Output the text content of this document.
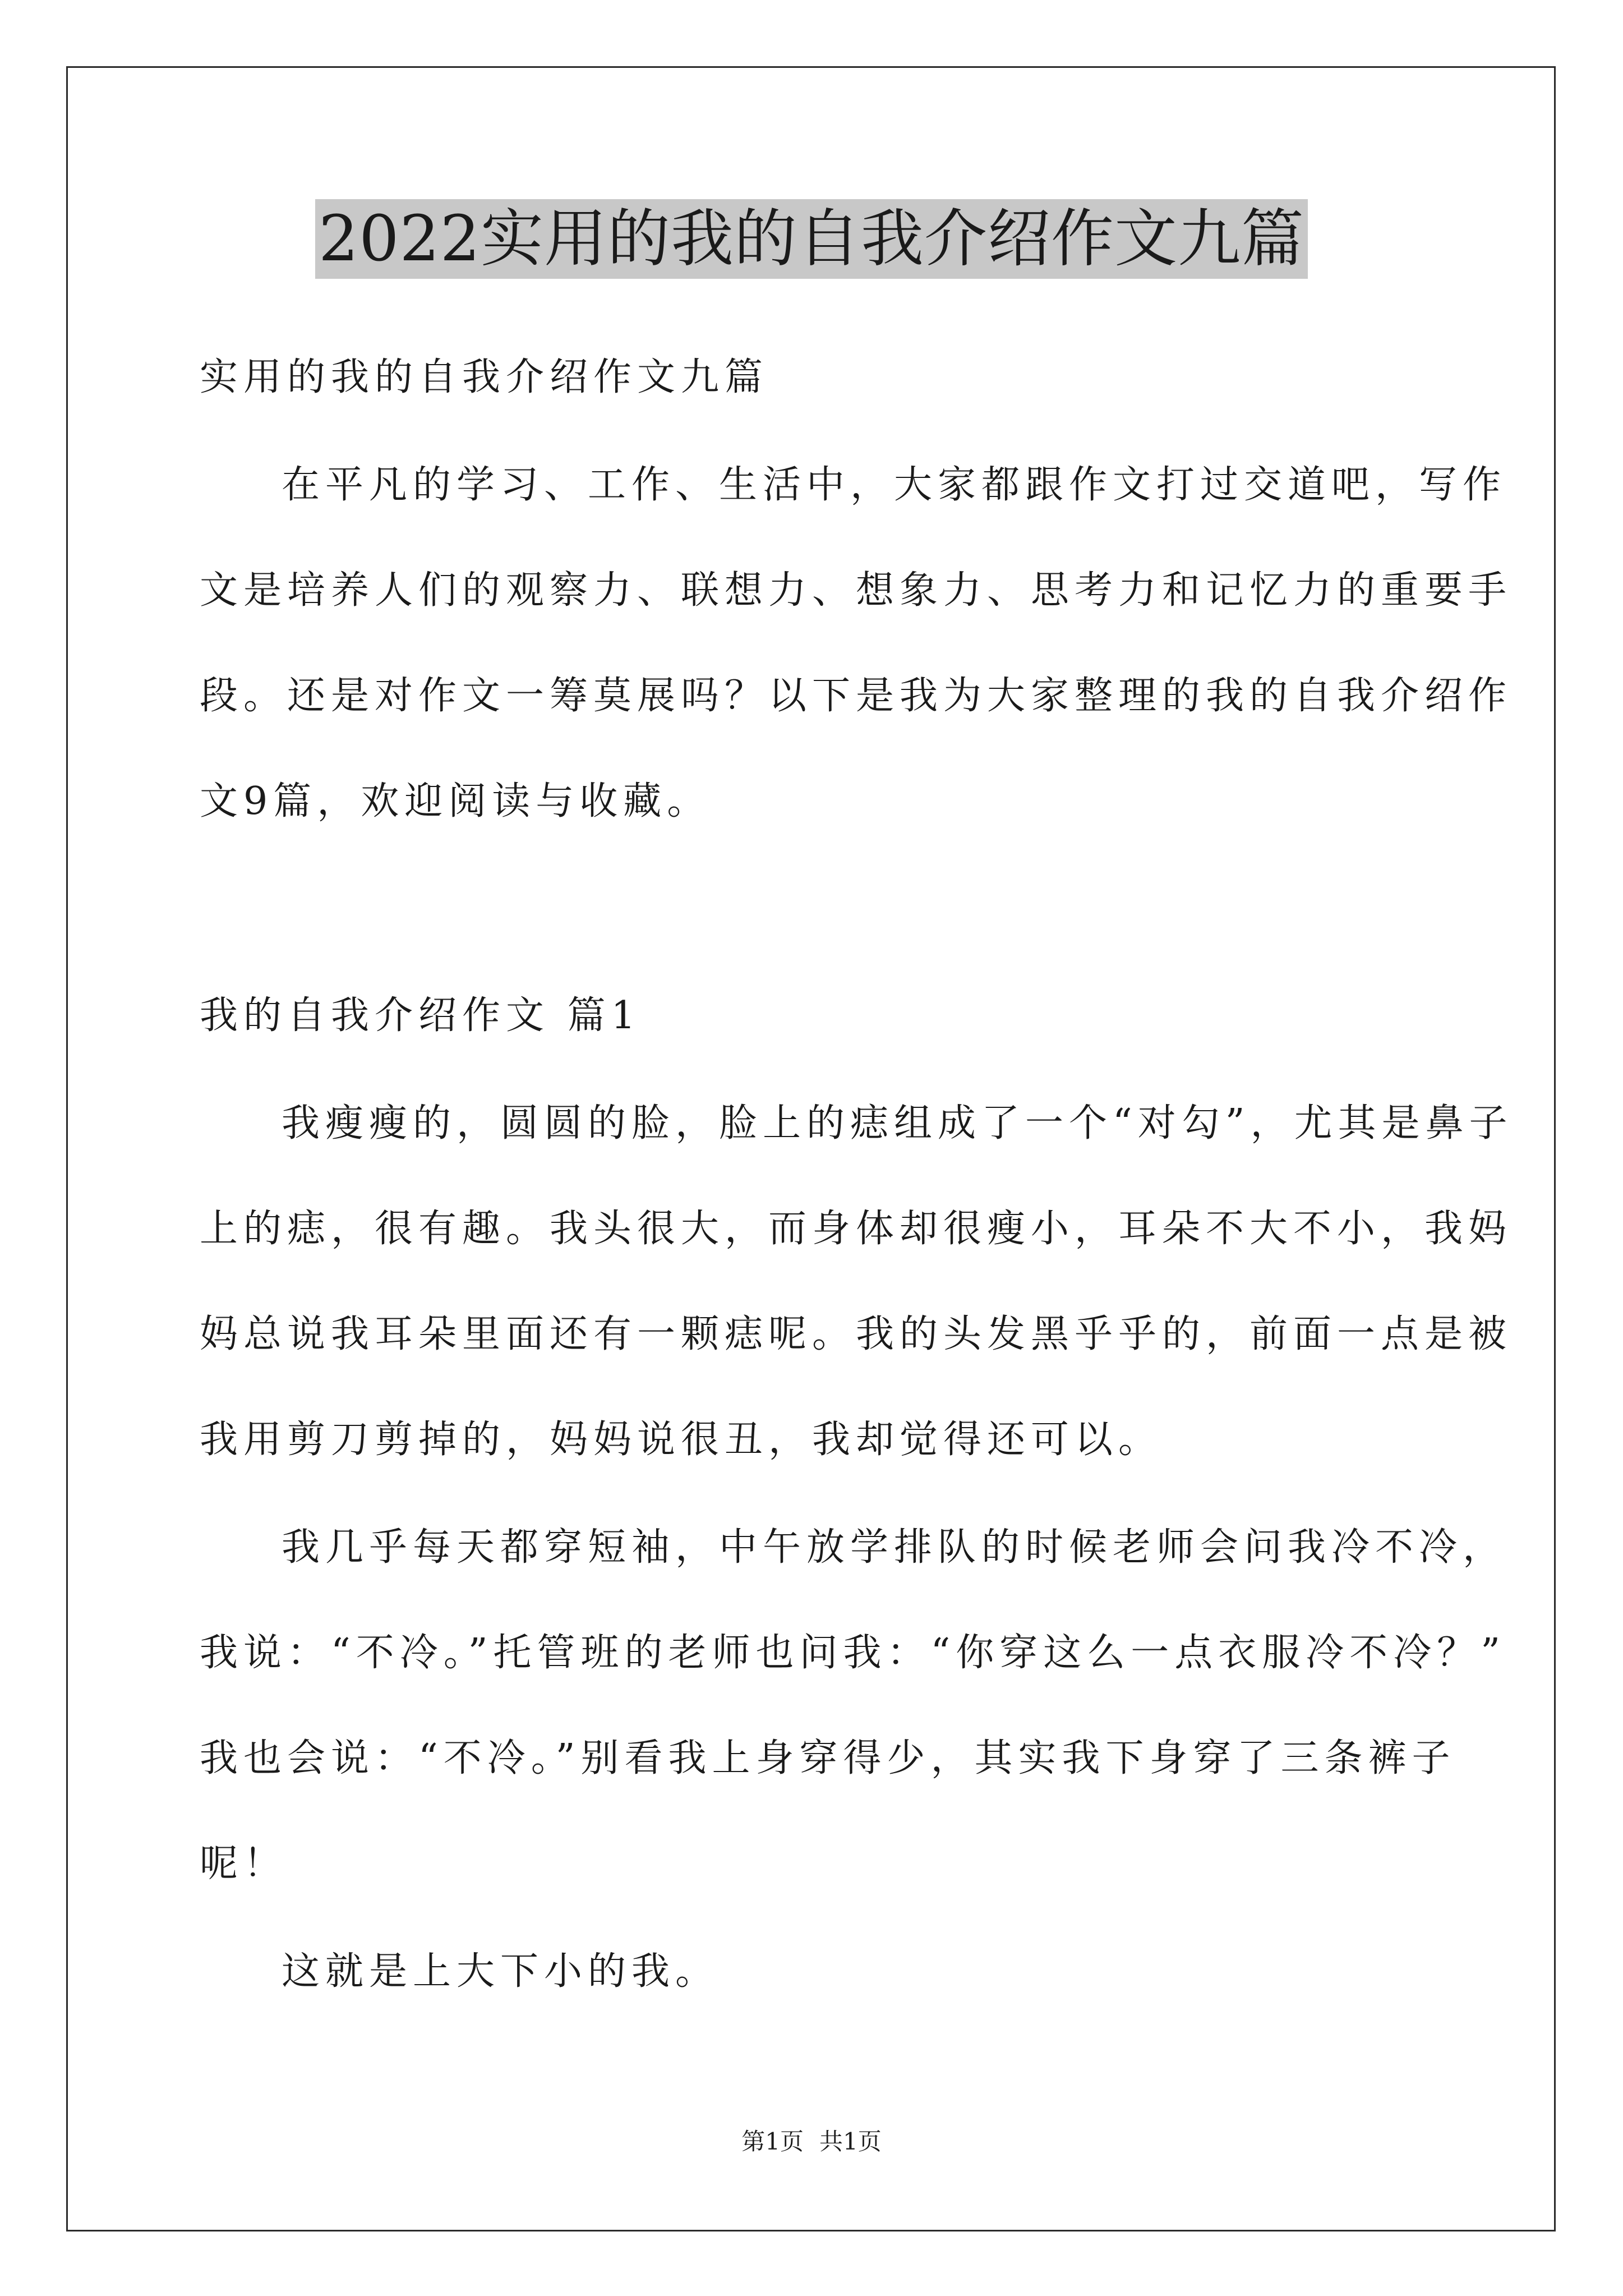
2022实用的我的自我介绍作文九篇
实用的我的自我介绍作文九篇
在平凡的学习、工作、生活中，大家都跟作文打过交道吧，写作
文是培养人们的观察力、联想力、想象力、思考力和记忆力的重要手
段。还是对作文一筹莫展吗？以下是我为大家整理的我的自我介绍作
文9篇，欢迎阅读与收藏。
我的自我介绍作文 篇1
我瘦瘦的，圆圆的脸，脸上的痣组成了一个“对勾”，尤其是鼻子
上的痣，很有趣。我头很大，而身体却很瘦小，耳朵不大不小，我妈
妈总说我耳朵里面还有一颗痣呢。我的头发黑乎乎的，前面一点是被
我用剪刀剪掉的，妈妈说很丑，我却觉得还可以。
我几乎每天都穿短袖，中午放学排队的时候老师会问我冷不冷，
我说：“不冷。”托管班的老师也问我：“你穿这么一点衣服冷不冷？”
我也会说：“不冷。”别看我上身穿得少，其实我下身穿了三条裤子
呢！
这就是上大下小的我。
第1页 共1页
